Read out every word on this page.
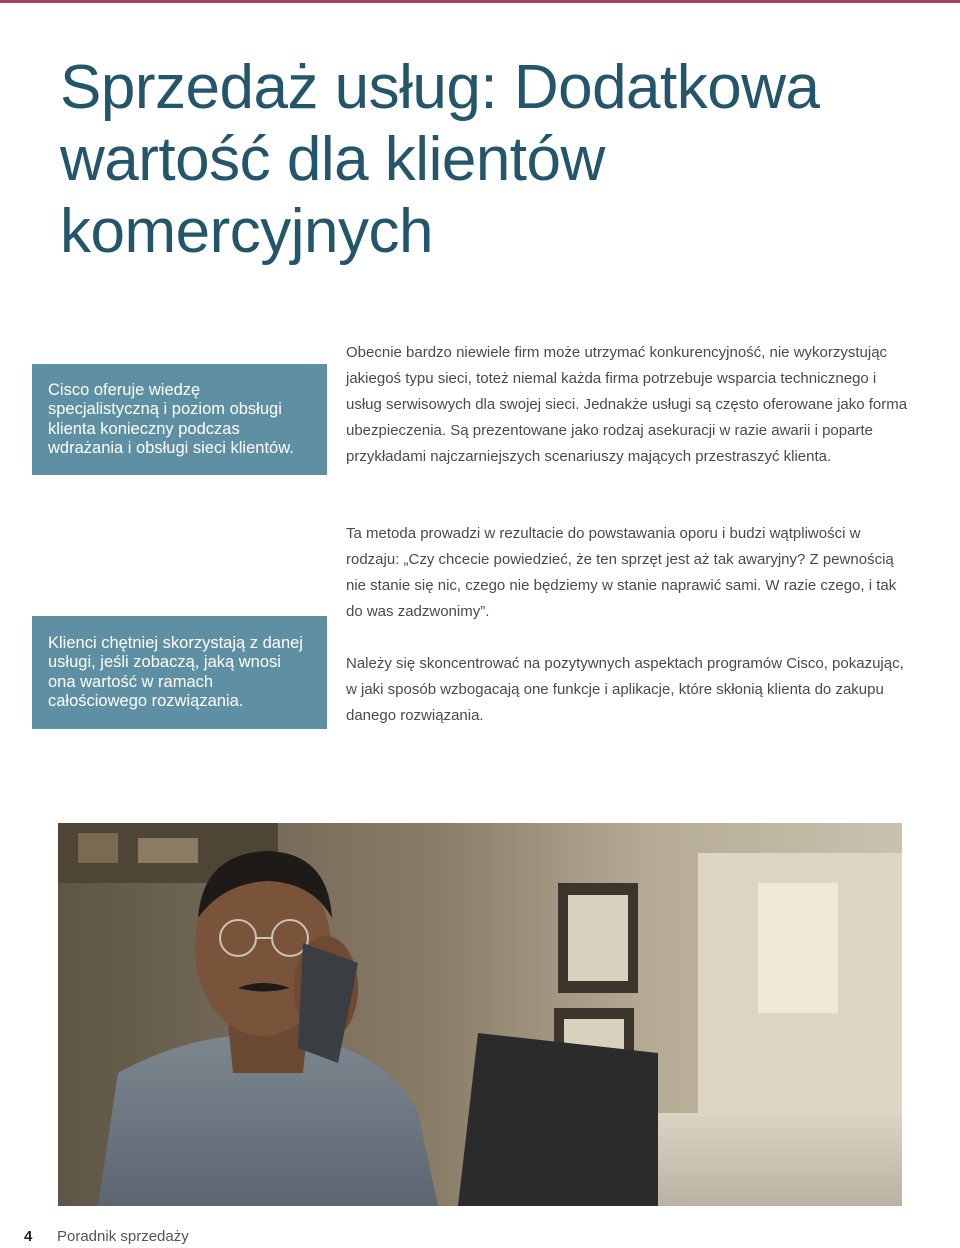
Sprzedaż usług: Dodatkowa wartość dla klientów komercyjnych
Cisco oferuje wiedzę specjalistyczną i poziom obsługi klienta konieczny podczas wdrażania i obsługi sieci klientów.
Klienci chętniej skorzystają z danej usługi, jeśli zobaczą, jaką wnosi ona wartość w ramach całościowego rozwiązania.

Obecnie bardzo niewiele firm może utrzymać konkurencyjność, nie wykorzystując jakiegoś typu sieci, toteż niemal każda firma potrzebuje wsparcia technicznego i usług serwisowych dla swojej sieci. Jednakże usługi są często oferowane jako forma ubezpieczenia. Są prezentowane jako rodzaj asekuracji w razie awarii i poparte przykładami najczarniejszych scenariuszy mających przestraszyć klienta.

Ta metoda prowadzi w rezultacie do powstawania oporu i budzi wątpliwości w rodzaju: „Czy chcecie powiedzieć, że ten sprzęt jest aż tak awaryjny? Z pewnością nie stanie się nic, czego nie będziemy w stanie naprawić sami. W razie czego, i tak do was zadzwonimy”.

Należy się skoncentrować na pozytywnych aspektach programów Cisco, pokazując, w jaki sposób wzbogacają one funkcje i aplikacje, które skłonią klienta do zakupu danego rozwiązania.

4 Poradnik sprzedaży
